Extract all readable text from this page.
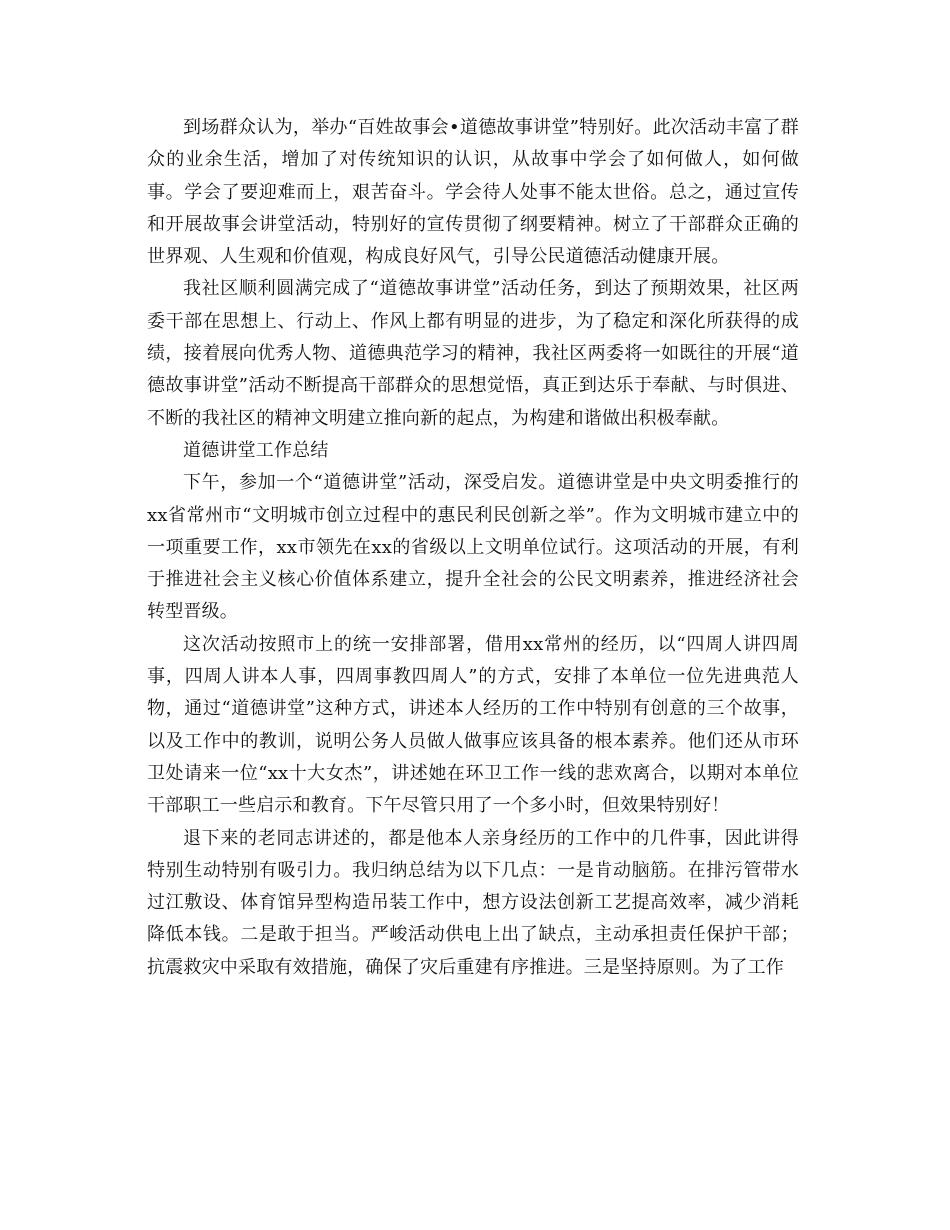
到场群众认为，举办“百姓故事会•道德故事讲堂”特别好。此次活动丰富了群众的业余生活，增加了对传统知识的认识，从故事中学会了如何做人，如何做事。学会了要迎难而上，艰苦奋斗。学会待人处事不能太世俗。总之，通过宣传和开展故事会讲堂活动，特别好的宣传贯彻了纲要精神。树立了干部群众正确的世界观、人生观和价值观，构成良好风气，引导公民道德活动健康开展。

我社区顺利圆满完成了“道德故事讲堂”活动任务，到达了预期效果，社区两委干部在思想上、行动上、作风上都有明显的进步，为了稳定和深化所获得的成绩，接着展向优秀人物、道德典范学习的精神，我社区两委将一如既往的开展“道德故事讲堂”活动不断提高干部群众的思想觉悟，真正到达乐于奉献、与时俱进、不断的我社区的精神文明建立推向新的起点，为构建和谐做出积极奉献。

道德讲堂工作总结

下午，参加一个“道德讲堂”活动，深受启发。道德讲堂是中央文明委推行的xx省常州市“文明城市创立过程中的惠民利民创新之举”。作为文明城市建立中的一项重要工作，xx市领先在xx的省级以上文明单位试行。这项活动的开展，有利于推进社会主义核心价值体系建立，提升全社会的公民文明素养，推进经济社会转型晋级。

这次活动按照市上的统一安排部署，借用xx常州的经历，以“四周人讲四周事，四周人讲本人事，四周事教四周人”的方式，安排了本单位一位先进典范人物，通过“道德讲堂”这种方式，讲述本人经历的工作中特别有创意的三个故事，以及工作中的教训，说明公务人员做人做事应该具备的根本素养。他们还从市环卫处请来一位“xx十大女杰”，讲述她在环卫工作一线的悲欢离合，以期对本单位干部职工一些启示和教育。下午尽管只用了一个多小时，但效果特别好！

退下来的老同志讲述的，都是他本人亲身经历的工作中的几件事，因此讲得特别生动特别有吸引力。我归纳总结为以下几点：一是肯动脑筋。在排污管带水过江敷设、体育馆异型构造吊装工作中，想方设法创新工艺提高效率，减少消耗降低本钱。二是敢于担当。严峻活动供电上出了缺点，主动承担责任保护干部；抗震救灾中采取有效措施，确保了灾后重建有序推进。三是坚持原则。为了工作
